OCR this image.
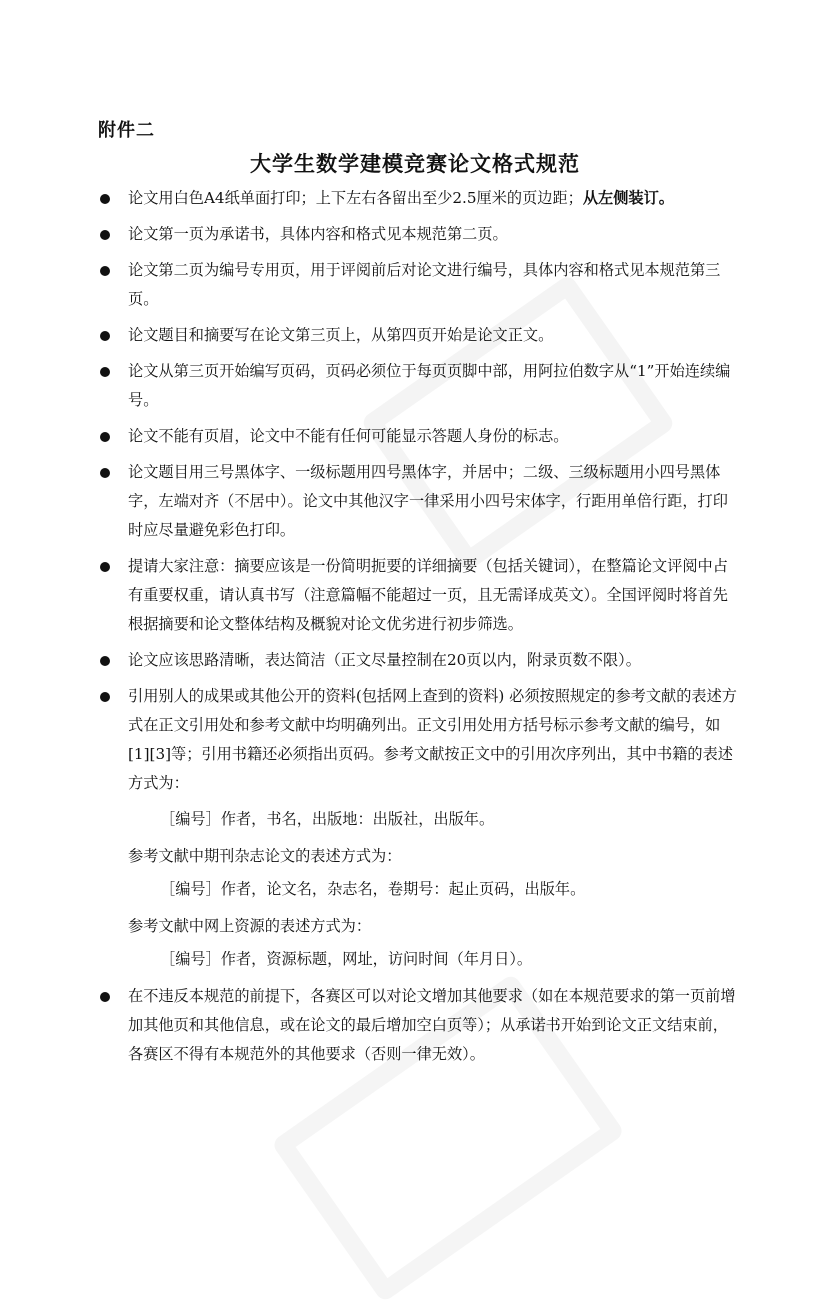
附件二
大学生数学建模竞赛论文格式规范
论文用白色A4纸单面打印；上下左右各留出至少2.5厘米的页边距；从左侧装订。
论文第一页为承诺书，具体内容和格式见本规范第二页。
论文第二页为编号专用页，用于评阅前后对论文进行编号，具体内容和格式见本规范第三页。
论文题目和摘要写在论文第三页上，从第四页开始是论文正文。
论文从第三页开始编写页码，页码必须位于每页页脚中部，用阿拉伯数字从“1”开始连续编号。
论文不能有页眉，论文中不能有任何可能显示答题人身份的标志。
论文题目用三号黑体字、一级标题用四号黑体字，并居中；二级、三级标题用小四号黑体字，左端对齐（不居中）。论文中其他汉字一律采用小四号宋体字，行距用单倍行距，打印时应尽量避免彩色打印。
提请大家注意：摘要应该是一份简明扼要的详细摘要（包括关键词），在整篇论文评阅中占有重要权重，请认真书写（注意篇幅不能超过一页，且无需译成英文）。全国评阅时将首先根据摘要和论文整体结构及概貌对论文优劣进行初步筛选。
论文应该思路清晰，表达简洁（正文尽量控制在20页以内，附录页数不限）。
引用别人的成果或其他公开的资料(包括网上查到的资料) 必须按照规定的参考文献的表述方式在正文引用处和参考文献中均明确列出。正文引用处用方括号标示参考文献的编号，如[1][3]等；引用书籍还必须指出页码。参考文献按正文中的引用次序列出，其中书籍的表述方式为：
［编号］作者，书名，出版地：出版社，出版年。
参考文献中期刊杂志论文的表述方式为：
［编号］作者，论文名，杂志名，卷期号：起止页码，出版年。
参考文献中网上资源的表述方式为：
［编号］作者，资源标题，网址，访问时间（年月日）。
在不违反本规范的前提下，各赛区可以对论文增加其他要求（如在本规范要求的第一页前增加其他页和其他信息，或在论文的最后增加空白页等）；从承诺书开始到论文正文结束前，各赛区不得有本规范外的其他要求（否则一律无效）。
